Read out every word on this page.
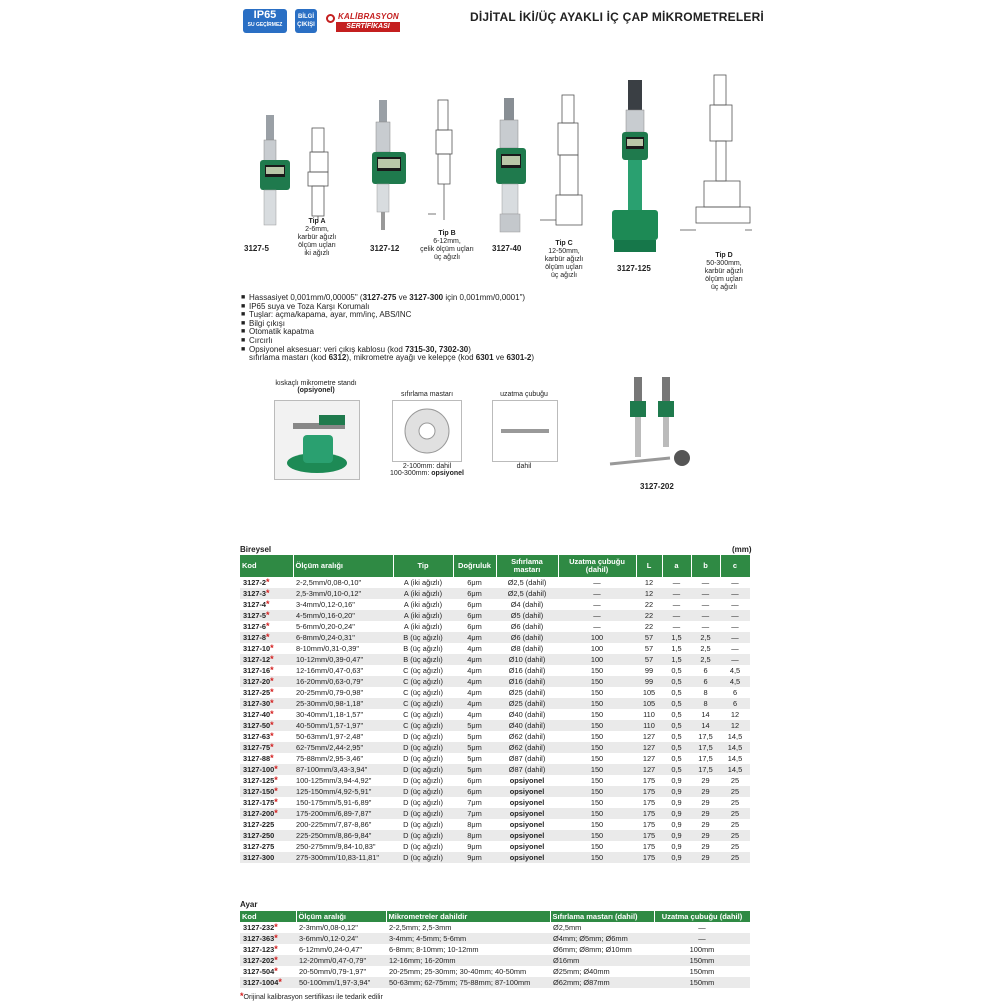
IP65
SU GEÇİRMEZ
BİLGİ ÇIKIŞI
KALİBRASYON
SERTİFİKASI
DİJİTAL İKİ/ÜÇ AYAKLI İÇ ÇAP MİKROMETRELERİ
3127-5
Tip A
2-6mm,
karbür ağızlı
ölçüm uçları
iki ağızlı
3127-12
Tip B
6-12mm,
çelik ölçüm uçları
üç ağızlı
3127-40
Tip C
12-50mm,
karbür ağızlı
ölçüm uçları
üç ağızlı
3127-125
Tip D
50-300mm,
karbür ağızlı
ölçüm uçları
üç ağızlı
■ Hassasiyet 0,001mm/0,00005" (3127-275 ve 3127-300 için 0,001mm/0,0001")
■ IP65 suya ve Toza Karşı Korumalı
■ Tuşlar: açma/kapama, ayar, mm/inç, ABS/INC
■ Bilgi çıkışı
■ Otomatik kapatma
■ Cırcırlı
■ Opsiyonel aksesuar: veri çıkış kablosu (kod 7315-30, 7302-30)
sıfırlama mastarı (kod 6312), mikrometre ayağı ve kelepçe (kod 6301 ve 6301-2)
kıskaçlı mikrometre standı
(opsiyonel)
sıfırlama mastarı
2-100mm: dahil
100-300mm: opsiyonel
uzatma çubuğu
dahil
3127-202
Bireysel	(mm)
Kod	Ölçüm aralığı	Tip	Doğruluk	Sıfırlama mastarı	Uzatma çubuğu (dahil)	L	a	b	c
3127-2*	2-2,5mm/0,08-0,10"	A (iki ağızlı)	6μm	Ø2,5 (dahil)	—	12	—	—	—
3127-3*	2,5-3mm/0,10-0,12"	A (iki ağızlı)	6μm	Ø2,5 (dahil)	—	12	—	—	—
3127-4*	3-4mm/0,12-0,16"	A (iki ağızlı)	6μm	Ø4 (dahil)	—	22	—	—	—
3127-5*	4-5mm/0,16-0,20"	A (iki ağızlı)	6μm	Ø5 (dahil)	—	22	—	—	—
3127-6*	5-6mm/0,20-0,24"	A (iki ağızlı)	6μm	Ø6 (dahil)	—	22	—	—	—
3127-8*	6-8mm/0,24-0,31"	B (üç ağızlı)	4μm	Ø6 (dahil)	100	57	1,5	2,5	—
3127-10*	8-10mm/0,31-0,39"	B (üç ağızlı)	4μm	Ø8 (dahil)	100	57	1,5	2,5	—
3127-12*	10-12mm/0,39-0,47"	B (üç ağızlı)	4μm	Ø10 (dahil)	100	57	1,5	2,5	—
3127-16*	12-16mm/0,47-0,63"	C (üç ağızlı)	4μm	Ø16 (dahil)	150	99	0,5	6	4,5
3127-20*	16-20mm/0,63-0,79"	C (üç ağızlı)	4μm	Ø16 (dahil)	150	99	0,5	6	4,5
3127-25*	20-25mm/0,79-0,98"	C (üç ağızlı)	4μm	Ø25 (dahil)	150	105	0,5	8	6
3127-30*	25-30mm/0,98-1,18"	C (üç ağızlı)	4μm	Ø25 (dahil)	150	105	0,5	8	6
3127-40*	30-40mm/1,18-1,57"	C (üç ağızlı)	4μm	Ø40 (dahil)	150	110	0,5	14	12
3127-50*	40-50mm/1,57-1,97"	C (üç ağızlı)	5μm	Ø40 (dahil)	150	110	0,5	14	12
3127-63*	50-63mm/1,97-2,48"	D (üç ağızlı)	5μm	Ø62 (dahil)	150	127	0,5	17,5	14,5
3127-75*	62-75mm/2,44-2,95"	D (üç ağızlı)	5μm	Ø62 (dahil)	150	127	0,5	17,5	14,5
3127-88*	75-88mm/2,95-3,46"	D (üç ağızlı)	5μm	Ø87 (dahil)	150	127	0,5	17,5	14,5
3127-100*	87-100mm/3,43-3,94"	D (üç ağızlı)	5μm	Ø87 (dahil)	150	127	0,5	17,5	14,5
3127-125*	100-125mm/3,94-4,92"	D (üç ağızlı)	6μm	opsiyonel	150	175	0,9	29	25
3127-150*	125-150mm/4,92-5,91"	D (üç ağızlı)	6μm	opsiyonel	150	175	0,9	29	25
3127-175*	150-175mm/5,91-6,89"	D (üç ağızlı)	7μm	opsiyonel	150	175	0,9	29	25
3127-200*	175-200mm/6,89-7,87"	D (üç ağızlı)	7μm	opsiyonel	150	175	0,9	29	25
3127-225	200-225mm/7,87-8,86"	D (üç ağızlı)	8μm	opsiyonel	150	175	0,9	29	25
3127-250	225-250mm/8,86-9,84"	D (üç ağızlı)	8μm	opsiyonel	150	175	0,9	29	25
3127-275	250-275mm/9,84-10,83"	D (üç ağızlı)	9μm	opsiyonel	150	175	0,9	29	25
3127-300	275-300mm/10,83-11,81"	D (üç ağızlı)	9μm	opsiyonel	150	175	0,9	29	25
Ayar
Kod	Ölçüm aralığı	Mikrometreler dahildir	Sıfırlama mastarı (dahil)	Uzatma çubuğu (dahil)
3127-232*	2-3mm/0,08-0,12"	2-2,5mm; 2,5-3mm	Ø2,5mm	—
3127-363*	3-6mm/0,12-0,24"	3-4mm; 4-5mm; 5-6mm	Ø4mm; Ø5mm; Ø6mm	—
3127-123*	6-12mm/0,24-0,47"	6-8mm; 8-10mm; 10-12mm	Ø6mm; Ø8mm; Ø10mm	100mm
3127-202*	12-20mm/0,47-0,79"	12-16mm; 16-20mm	Ø16mm	150mm
3127-504*	20-50mm/0,79-1,97"	20-25mm; 25-30mm; 30-40mm; 40-50mm	Ø25mm; Ø40mm	150mm
3127-1004*	50-100mm/1,97-3,94"	50-63mm; 62-75mm; 75-88mm; 87-100mm	Ø62mm; Ø87mm	150mm
*Orijinal kalibrasyon sertifikası ile tedarik edilir
